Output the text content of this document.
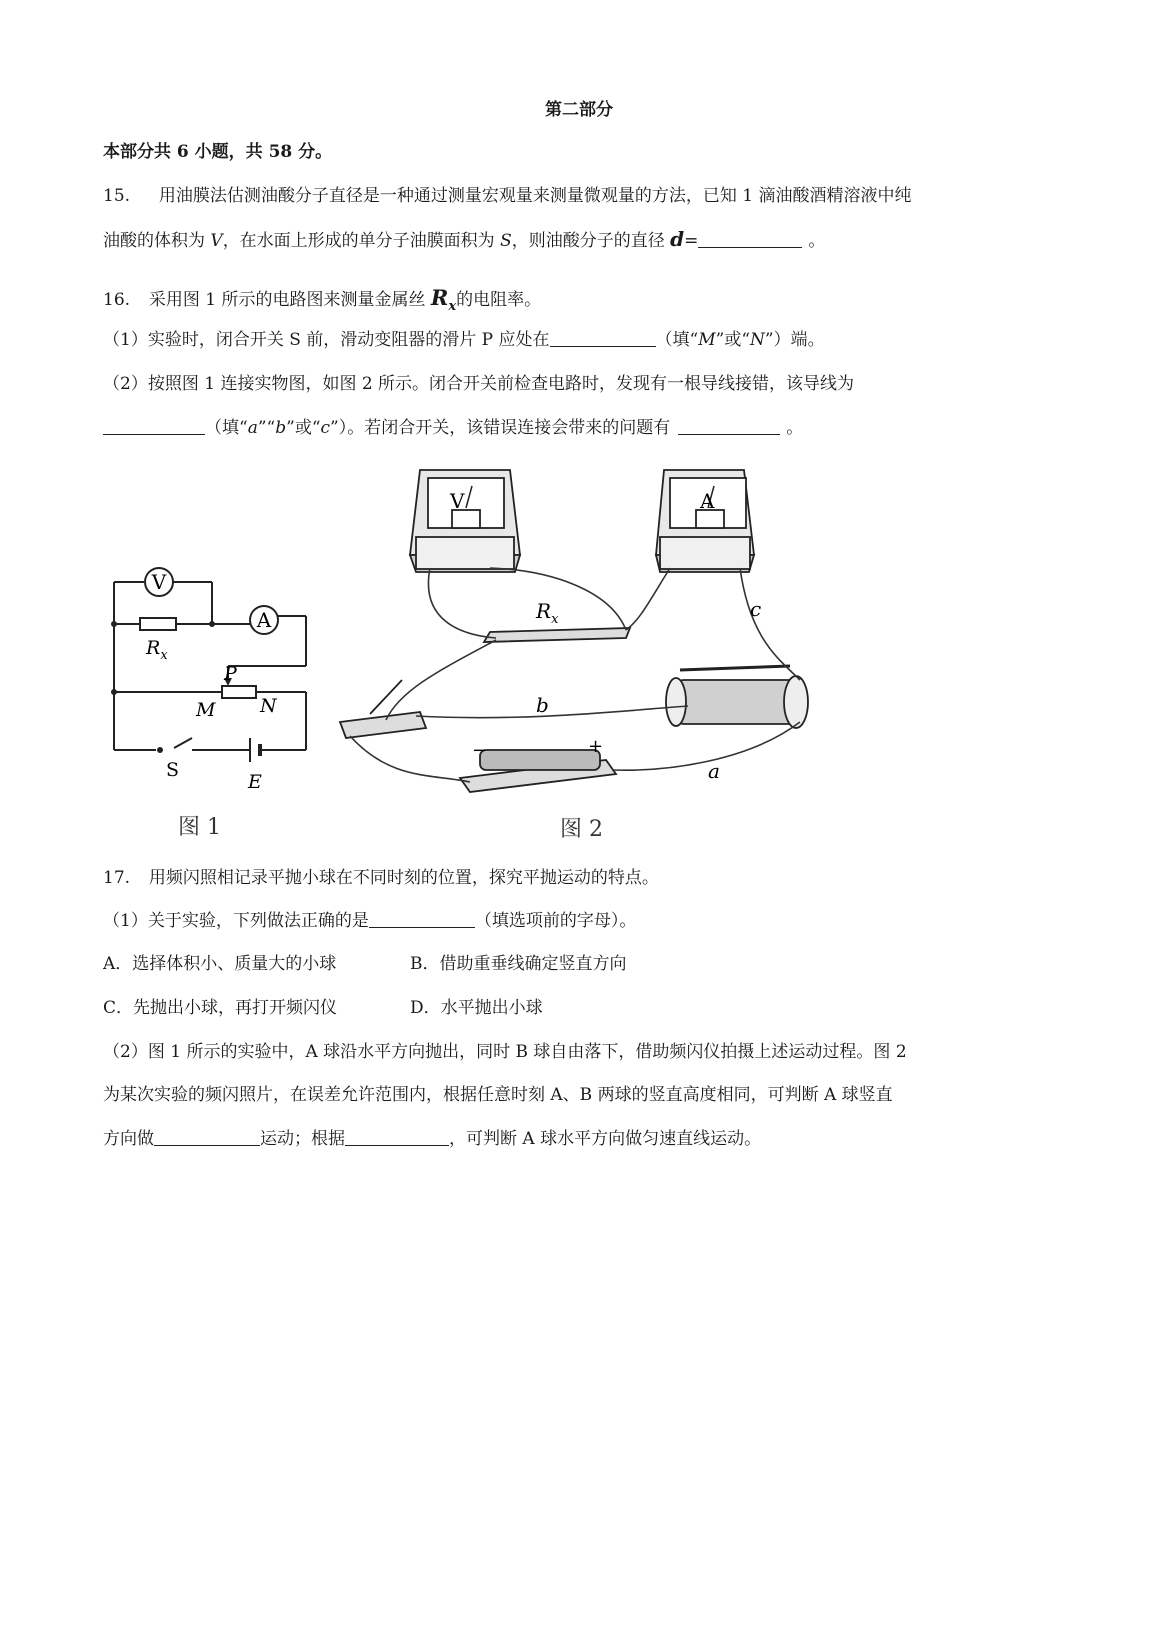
第二部分
本部分共 6 小题，共 58 分。
15. 用油膜法估测油酸分子直径是一种通过测量宏观量来测量微观量的方法，已知 1 滴油酸酒精溶液中纯
油酸的体积为 V，在水面上形成的单分子油膜面积为 S，则油酸分子的直径 d=	。
16. 采用图 1 所示的电路图来测量金属丝 $R_x$的电阻率。
（1）实验时，闭合开关 S 前，滑动变阻器的滑片 P 应处在	（填“M”或“N”）端。
（2）按照图 1 连接实物图，如图 2 所示。闭合开关前检查电路时，发现有一根导线接错，该导线为
（填“a”“b”或“c”）。若闭合开关，该错误连接会带来的问题有	。
V
A
$R_x$
P
M N
S
E
V	A
$R_x$	c
b
a
−	+
图 1	图 2
17. 用频闪照相记录平抛小球在不同时刻的位置，探究平抛运动的特点。
（1）关于实验，下列做法正确的是	（填选项前的字母）。
A．选择体积小、质量大的小球	B．借助重垂线确定竖直方向
C．先抛出小球，再打开频闪仪	D．水平抛出小球
（2）图 1 所示的实验中，A 球沿水平方向抛出，同时 B 球自由落下，借助频闪仪拍摄上述运动过程。图 2
为某次实验的频闪照片，在误差允许范围内，根据任意时刻 A、B 两球的竖直高度相同，可判断 A 球竖直
方向做	运动；根据	，可判断 A 球水平方向做匀速直线运动。
